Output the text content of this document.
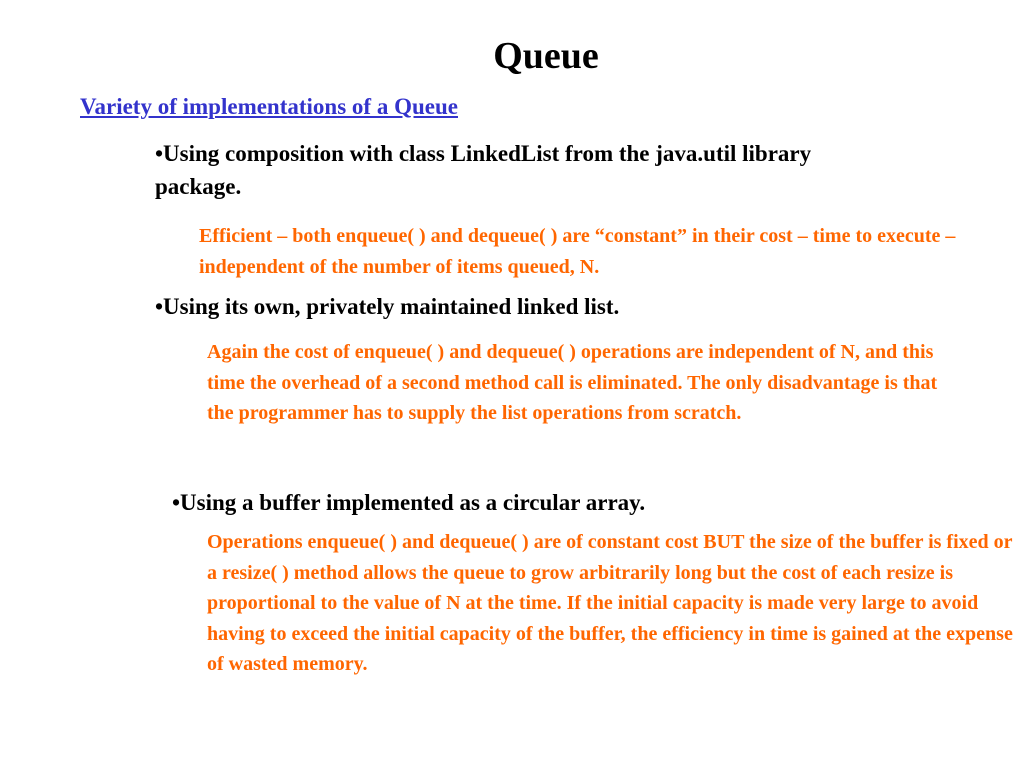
Queue
Variety of implementations of a Queue
•Using composition with class LinkedList from the java.util library package.
Efficient – both enqueue( ) and dequeue( ) are “constant” in their cost – time to execute – independent of the number of items queued, N.
•Using its own, privately maintained linked list.
Again the cost of enqueue( ) and dequeue( ) operations are independent of N, and this time the overhead of a second method call is eliminated. The only disadvantage is that the programmer has to supply the list operations from scratch.
•Using a buffer implemented as a circular array.
Operations enqueue( ) and dequeue( ) are of constant cost BUT the size of the buffer is fixed or a resize( ) method allows the queue to grow arbitrarily long but the cost of each resize is proportional to the value of N at the time. If the initial capacity is made very large to avoid having to exceed the initial capacity of the buffer, the efficiency in time is gained at the expense of wasted memory.
